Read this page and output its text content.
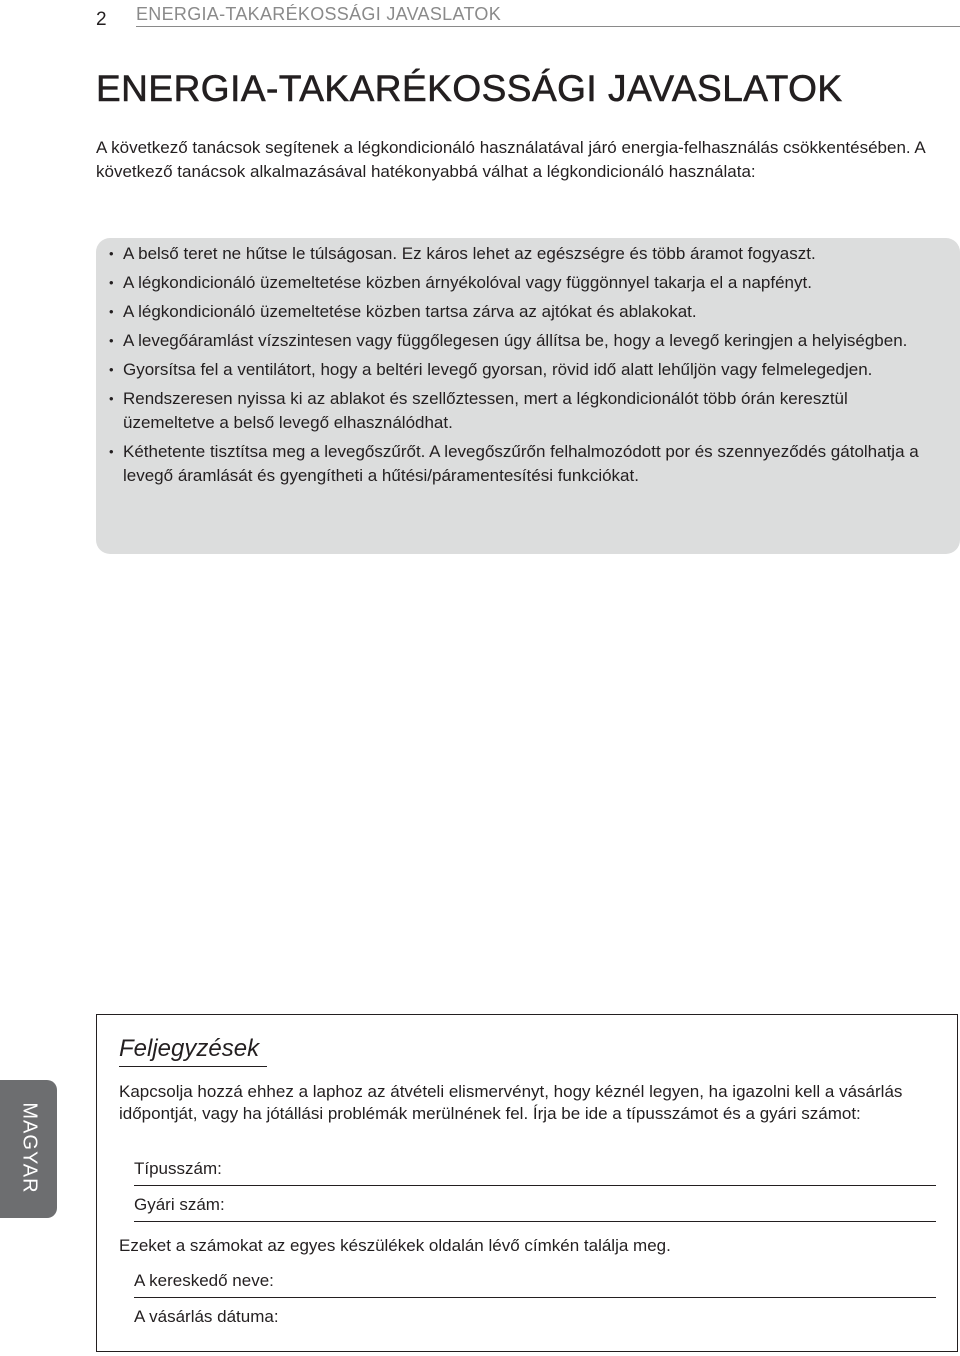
2 ENERGIA-TAKARÉKOSSÁGI JAVASLATOK
ENERGIA-TAKARÉKOSSÁGI JAVASLATOK

A következő tanácsok segítenek a légkondicionáló használatával járó energia-felhasználás csökkentésében. A következő tanácsok alkalmazásával hatékonyabbá válhat a légkondicionáló használata:

• A belső teret ne hűtse le túlságosan. Ez káros lehet az egészségre és több áramot fogyaszt.
• A légkondicionáló üzemeltetése közben árnyékolóval vagy függönnyel takarja el a napfényt.
• A légkondicionáló üzemeltetése közben tartsa zárva az ajtókat és ablakokat.
• A levegőáramlást vízszintesen vagy függőlegesen úgy állítsa be, hogy a levegő keringjen a helyiségben.
• Gyorsítsa fel a ventilátort, hogy a beltéri levegő gyorsan, rövid idő alatt lehűljön vagy felmelegedjen.
• Rendszeresen nyissa ki az ablakot és szellőztessen, mert a légkondicionálót több órán keresztül üzemeltetve a belső levegő elhasználódhat.
• Kéthetente tisztítsa meg a levegőszűrőt. A levegőszűrőn felhalmozódott por és szennyeződés gátolhatja a levegő áramlását és gyengítheti a hűtési/páramentesítési funkciókat.
MAGYAR
Feljegyzések

Kapcsolja hozzá ehhez a laphoz az átvételi elismervényt, hogy kéznél legyen, ha igazolni kell a vásárlás időpontját, vagy ha jótállási problémák merülnének fel. Írja be ide a típusszámot és a gyári számot:

Típusszám:
Gyári szám:

Ezeket a számokat az egyes készülékek oldalán lévő címkén találja meg.

A kereskedő neve:
A vásárlás dátuma:
